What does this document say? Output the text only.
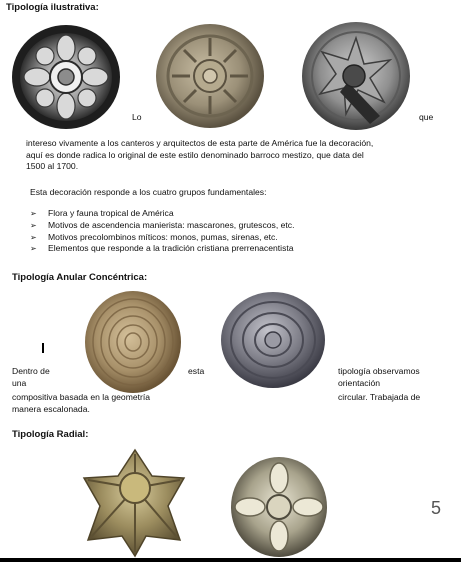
Tipología ilustrativa:
Lo	que
intereso vivamente a los canteros y arquitectos de esta parte de América fue la decoración,
aquí es donde radica lo original de este estilo denominado barroco mestizo, que data del
1500 al 1700.
Esta decoración responde a los cuatro grupos fundamentales:
➢ Flora y fauna tropical de América
➢ Motivos de ascendencia manierista: mascarones, grutescos, etc.
➢ Motivos precolombinos míticos: monos, pumas, sirenas, etc.
➢ Elementos que responde a la tradición cristiana prerrenacentista
Tipología Anular Concéntrica:
Dentro de
una
compositiva basada en la geometría
manera escalonada.
esta	tipología observamos
orientación
circular. Trabajada de
Tipología Radial:
5
